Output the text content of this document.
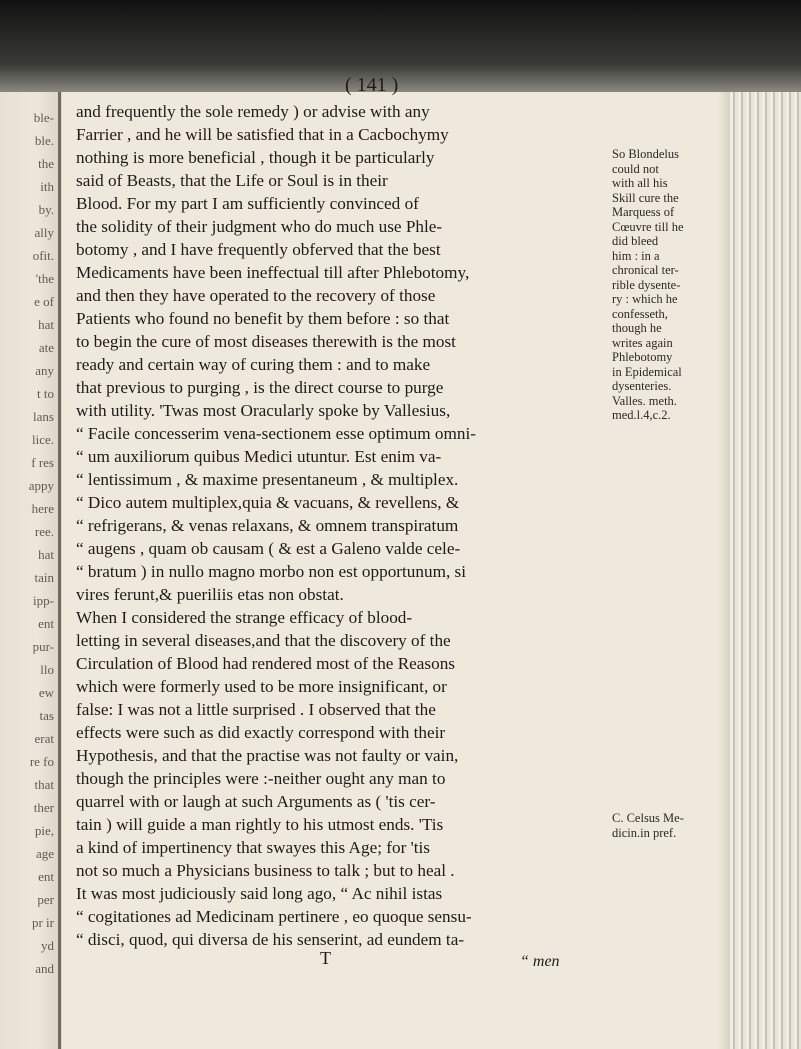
ble-
ble.
the
ith
by.
ally
ofit.
'the
e of
hat
ate
any
t to
lans
lice.
f res
appy
here
ree.
hat
tain
ipp-
ent
pur-
llo
ew
tas
erat
re fo
that
ther
pie,
age
ent
per
pr ir
yd
and
( 141 )
and frequently the sole remedy ) or advise with any
Farrier , and he will be satisfied that in a Cacbochymy
nothing is more beneficial , though it be particularly
said of Beasts, that the Life or Soul is in their
Blood. For my part I am sufficiently convinced of
the solidity of their judgment who do much use Phle-
botomy , and I have frequently obferved that the best
Medicaments have been ineffectual till after Phlebotomy,
and then they have operated to the recovery of those
Patients who found no benefit by them before : so that
to begin the cure of most diseases therewith is the most
ready and certain way of curing them : and to make
that previous to purging , is the direct course to purge
with utility. 'Twas most Oracularly spoke by Vallesius,
“ Facile concesserim vena-sectionem esse optimum omni-
“ um auxiliorum quibus Medici utuntur. Est enim va-
“ lentissimum , & maxime presentaneum , & multiplex.
“ Dico autem multiplex,quia & vacuans, & revellens, &
“ refrigerans, & venas relaxans, & omnem transpiratum
“ augens , quam ob causam ( & est a Galeno valde cele-
“ bratum ) in nullo magno morbo non est opportunum, si
vires ferunt,& pueriliis etas non obstat.
When I considered the strange efficacy of blood-
letting in several diseases,and that the discovery of the
Circulation of Blood had rendered most of the Reasons
which were formerly used to be more insignificant, or
false: I was not a little surprised . I observed that the
effects were such as did exactly correspond with their
Hypothesis, and that the practise was not faulty or vain,
though the principles were :-neither ought any man to
quarrel with or laugh at such Arguments as ( 'tis cer-
tain ) will guide a man rightly to his utmost ends. 'Tis
a kind of impertinency that swayes this Age; for 'tis
not so much a Physicians business to talk ; but to heal .
It was most judiciously said long ago, “ Ac nihil istas
“ cogitationes ad Medicinam pertinere , eo quoque sensu-
“ disci, quod, qui diversa de his senserint, ad eundem ta-
So Blondelus
could not
with all his
Skill cure the
Marquess of
Cœuvre till he
did bleed
him : in a
chronical ter-
rible dysente-
ry : which he
confesseth,
though he
writes again
Phlebotomy
in Epidemical
dysenteries.
Valles. meth.
med.l.4,c.2.
C. Celsus Me-
dicin.in pref.
T	“ men
